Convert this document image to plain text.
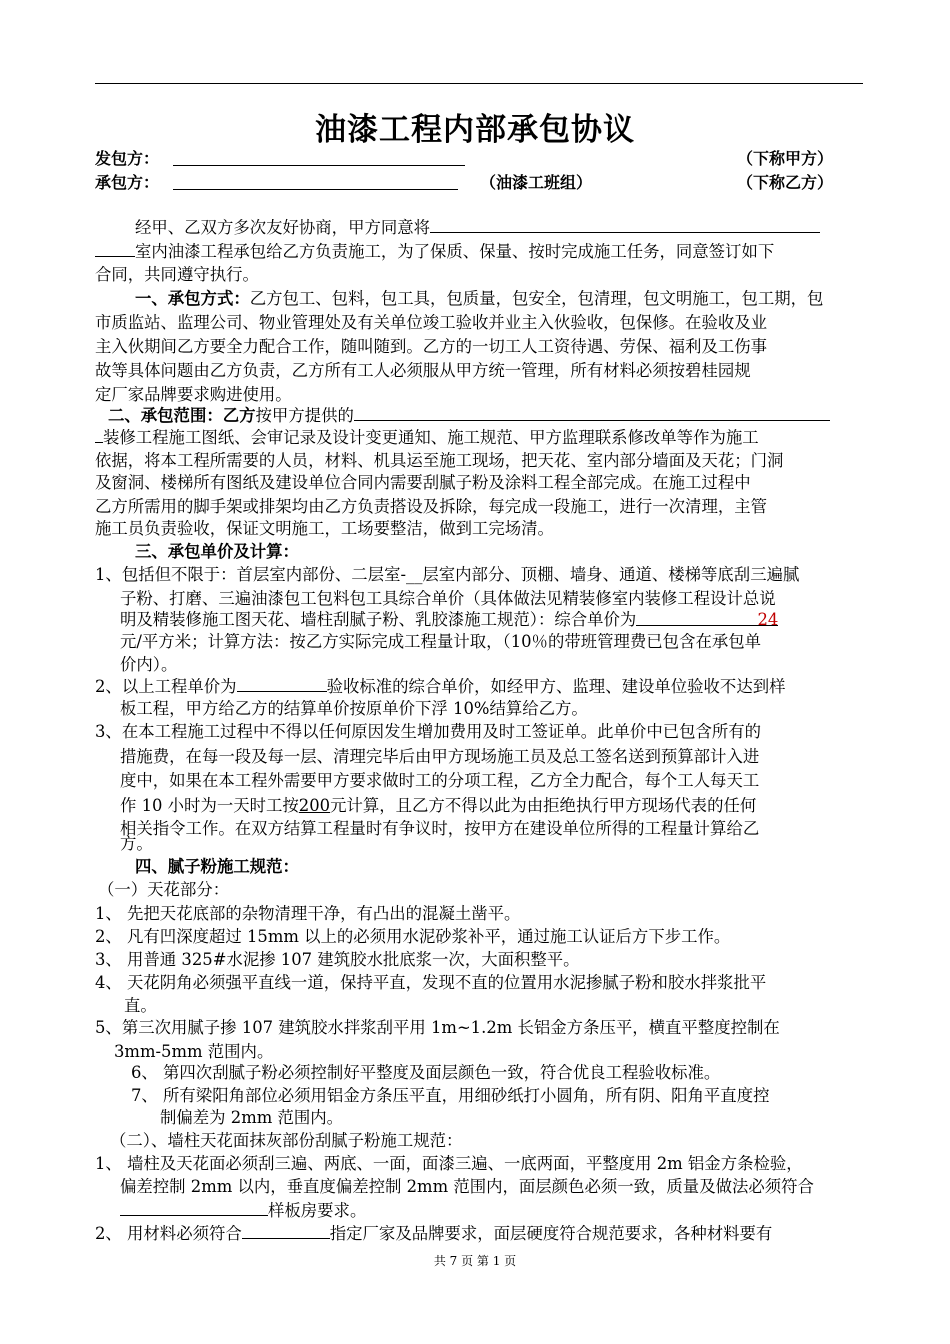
油漆工程内部承包协议
发包方：	（下称甲方）
承包方：	（油漆工班组）	（下称乙方）
经甲、乙双方多次友好协商，甲方同意将
室内油漆工程承包给乙方负责施工，为了保质、保量、按时完成施工任务，同意签订如下
合同，共同遵守执行。
一、承包方式：乙方包工、包料，包工具，包质量，包安全，包清理，包文明施工，包工期，包
市质监站、监理公司、物业管理处及有关单位竣工验收并业主入伙验收，包保修。在验收及业
主入伙期间乙方要全力配合工作，随叫随到。乙方的一切工人工资待遇、劳保、福利及工伤事
故等具体问题由乙方负责，乙方所有工人必须服从甲方统一管理，所有材料必须按碧桂园规
定厂家品牌要求购进使用。
二、承包范围：乙方按甲方提供的
装修工程施工图纸、会审记录及设计变更通知、施工规范、甲方监理联系修改单等作为施工
依据，将本工程所需要的人员，材料、机具运至施工现场，把天花、室内部分墙面及天花；门洞
及窗洞、楼梯所有图纸及建设单位合同内需要刮腻子粉及涂料工程全部完成。在施工过程中
乙方所需用的脚手架或排架均由乙方负责搭设及拆除，每完成一段施工，进行一次清理，主管
施工员负责验收，保证文明施工，工场要整洁，做到工完场清。
三、承包单价及计算：
1、包括但不限于：首层室内部份、二层室-__层室内部分、顶棚、墙身、通道、楼梯等底刮三遍腻
子粉、打磨、三遍油漆包工包料包工具综合单价（具体做法见精装修室内装修工程设计总说
明及精装修施工图天花、墙柱刮腻子粉、乳胶漆施工规范）：综合单价为	24
元/平方米；计算方法：按乙方实际完成工程量计取，（10％的带班管理费已包含在承包单
价内）。
2、以上工程单价为	验收标准的综合单价，如经甲方、监理、建设单位验收不达到样
板工程，甲方给乙方的结算单价按原单价下浮 10%结算给乙方。
3、在本工程施工过程中不得以任何原因发生增加费用及时工签证单。此单价中已包含所有的
措施费，在每一段及每一层、清理完毕后由甲方现场施工员及总工签名送到预算部计入进
度中，如果在本工程外需要甲方要求做时工的分项工程，乙方全力配合，每个工人每天工
作 10 小时为一天时工按200元计算，且乙方不得以此为由拒绝执行甲方现场代表的任何
相关指令工作。在双方结算工程量时有争议时，按甲方在建设单位所得的工程量计算给乙
方。
四、腻子粉施工规范：
（一）天花部分：
1、 先把天花底部的杂物清理干净，有凸出的混凝土凿平。
2、 凡有凹深度超过 15mm 以上的必须用水泥砂浆补平，通过施工认证后方下步工作。
3、 用普通 325#水泥掺 107 建筑胶水批底浆一次，大面积整平。
4、 天花阴角必须强平直线一道，保持平直，发现不直的位置用水泥掺腻子粉和胶水拌浆批平
直。
5、第三次用腻子掺 107 建筑胶水拌浆刮平用 1m~1.2m 长铝金方条压平，横直平整度控制在
3mm-5mm 范围内。
6、 第四次刮腻子粉必须控制好平整度及面层颜色一致，符合优良工程验收标准。
7、 所有梁阳角部位必须用铝金方条压平直，用细砂纸打小圆角，所有阴、阳角平直度控
制偏差为 2mm 范围内。
（二）、墙柱天花面抹灰部份刮腻子粉施工规范：
1、 墙柱及天花面必须刮三遍、两底、一面，面漆三遍、一底两面，平整度用 2m 铝金方条检验，
偏差控制 2mm 以内，垂直度偏差控制 2mm 范围内，面层颜色必须一致，质量及做法必须符合
样板房要求。
2、 用材料必须符合	指定厂家及品牌要求，面层硬度符合规范要求，各种材料要有
共 7 页 第 1 页
